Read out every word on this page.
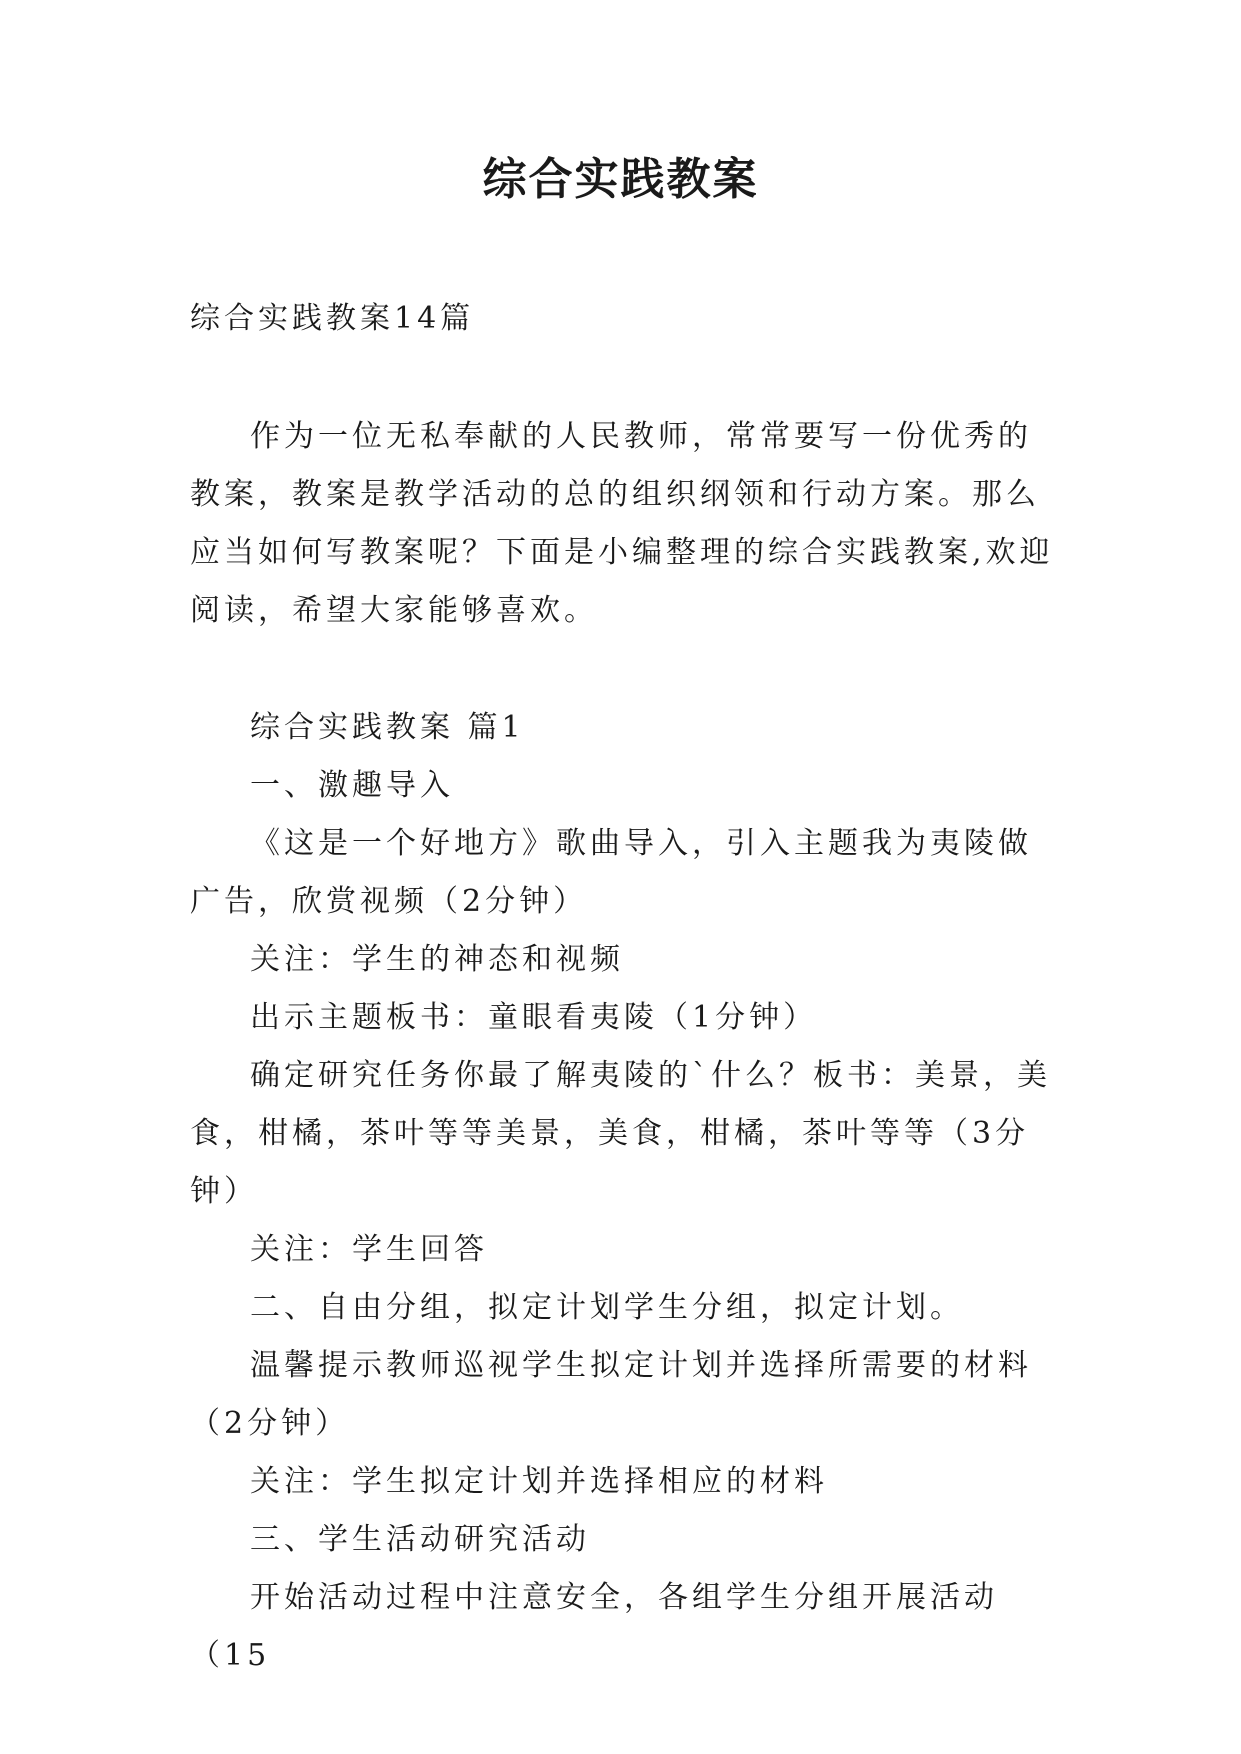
综合实践教案

综合实践教案14篇

作为一位无私奉献的人民教师，常常要写一份优秀的教案，教案是教学活动的总的组织纲领和行动方案。那么应当如何写教案呢？下面是小编整理的综合实践教案,欢迎阅读，希望大家能够喜欢。

综合实践教案 篇1

一、激趣导入

《这是一个好地方》歌曲导入，引入主题我为夷陵做广告，欣赏视频（2分钟）

关注：学生的神态和视频

出示主题板书：童眼看夷陵（1分钟）

确定研究任务你最了解夷陵的`什么？板书：美景，美食，柑橘，茶叶等等美景，美食，柑橘，茶叶等等（3分钟）

关注：学生回答

二、自由分组，拟定计划学生分组，拟定计划。

温馨提示教师巡视学生拟定计划并选择所需要的材料（2分钟）

关注：学生拟定计划并选择相应的材料

三、学生活动研究活动

开始活动过程中注意安全，各组学生分组开展活动（15
